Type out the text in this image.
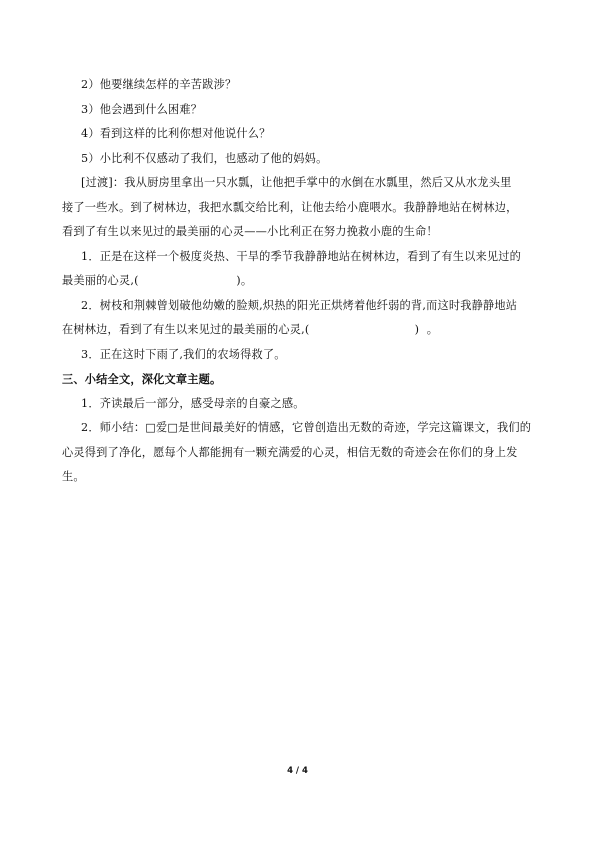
2）他要继续怎样的辛苦跋涉？

3）他会遇到什么困难？

4）看到这样的比利你想对他说什么？

5）小比利不仅感动了我们，也感动了他的妈妈。

[过渡]：我从厨房里拿出一只水瓢，让他把手掌中的水倒在水瓢里，然后又从水龙头里

接了一些水。到了树林边，我把水瓢交给比利，让他去给小鹿喂水。我静静地站在树林边，

看到了有生以来见过的最美丽的心灵——小比利正在努力挽救小鹿的生命！

1．正是在这样一个极度炎热、干旱的季节我静静地站在树林边，看到了有生以来见过的

最美丽的心灵,(                          )。

2．树枝和荆棘曾划破他幼嫩的脸颊,炽热的阳光正烘烤着他纤弱的背,而这时我静静地站

在树林边，看到了有生以来见过的最美丽的心灵,(                            )  。

3．正在这时下雨了,我们的农场得救了。

三、小结全文，深化文章主题。

1．齐读最后一部分，感受母亲的自豪之感。

2．师小结：□爱□是世间最美好的情感，它曾创造出无数的奇迹，学完这篇课文，我们的

心灵得到了净化，愿每个人都能拥有一颗充满爱的心灵，相信无数的奇迹会在你们的身上发

生。

4 / 4
